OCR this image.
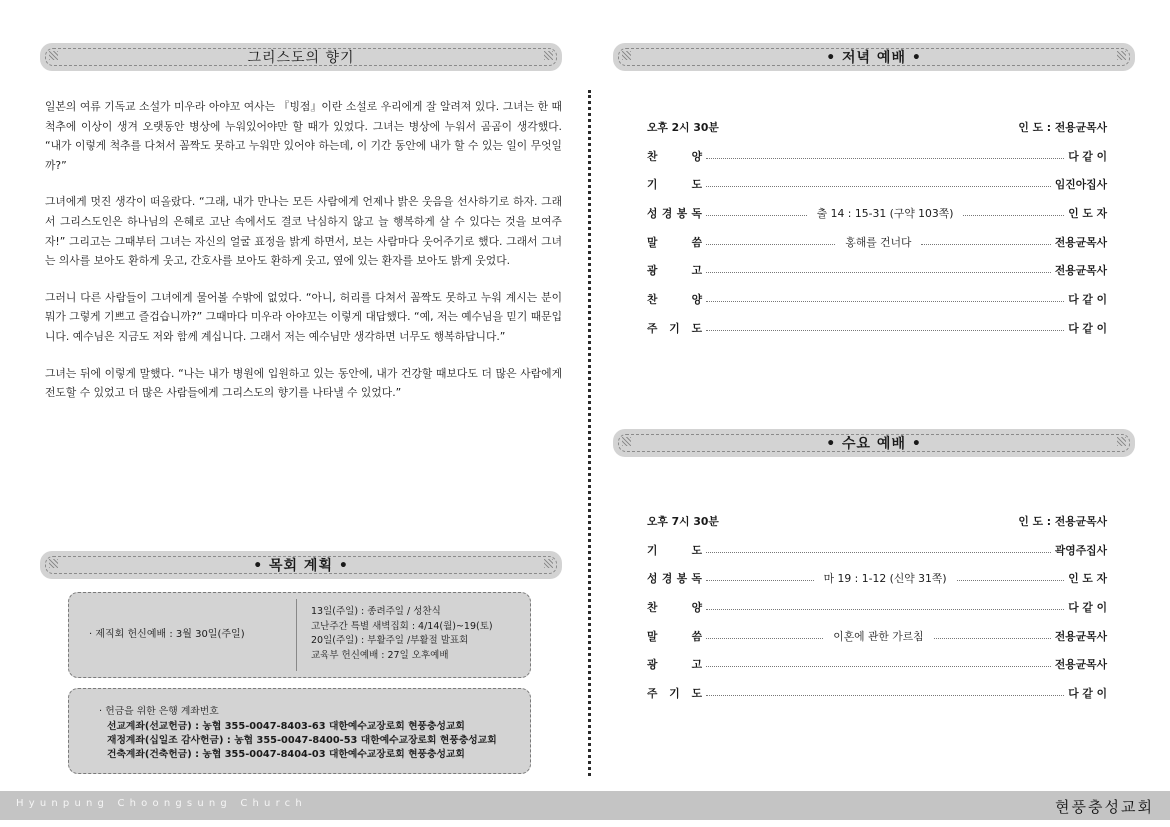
그리스도의 향기

일본의 여류 기독교 소설가 미우라 아야꼬 여사는 『빙점』이란 소설로 우리에게 잘 알려져 있다. 그녀는 한 때 척추에 이상이 생겨 오랫동안 병상에 누워있어야만 할 때가 있었다. 그녀는 병상에 누워서 곰곰이 생각했다. “내가 이렇게 척추를 다쳐서 꼼짝도 못하고 누워만 있어야 하는데, 이 기간 동안에 내가 할 수 있는 일이 무엇일까?”

그녀에게 멋진 생각이 떠올랐다. “그래, 내가 만나는 모든 사람에게 언제나 밝은 웃음을 선사하기로 하자. 그래서 그리스도인은 하나님의 은혜로 고난 속에서도 결코 낙심하지 않고 늘 행복하게 살 수 있다는 것을 보여주자!” 그리고는 그때부터 그녀는 자신의 얼굴 표정을 밝게 하면서, 보는 사람마다 웃어주기로 했다. 그래서 그녀는 의사를 보아도 환하게 웃고, 간호사를 보아도 환하게 웃고, 옆에 있는 환자를 보아도 밝게 웃었다.

그러니 다른 사람들이 그녀에게 물어볼 수밖에 없었다. “아니, 허리를 다쳐서 꼼짝도 못하고 누워 계시는 분이 뭐가 그렇게 기쁘고 즐겁습니까?” 그때마다 미우라 아야꼬는 이렇게 대답했다. “예, 저는 예수님을 믿기 때문입니다. 예수님은 지금도 저와 함께 계십니다. 그래서 저는 예수님만 생각하면 너무도 행복하답니다.”

그녀는 뒤에 이렇게 말했다. “나는 내가 병원에 입원하고 있는 동안에, 내가 건강할 때보다도 더 많은 사람에게 전도할 수 있었고 더 많은 사람들에게 그리스도의 향기를 나타낼 수 있었다.”

• 목회 계획 •
· 제직회 헌신예배 : 3월 30일(주일)
13일(주일) : 종려주일 / 성찬식
고난주간 특별 새벽집회 : 4/14(월)~19(토)
20일(주일) : 부활주일 /부활절 발표회
교육부 헌신예배 : 27일 오후예배
· 헌금을 위한 은행 계좌번호
선교계좌(선교헌금) : 농협 355-0047-8403-63 대한예수교장로회 현풍충성교회
재정계좌(십일조 감사헌금) : 농협 355-0047-8400-53 대한예수교장로회 현풍충성교회
건축계좌(건축헌금) : 농협 355-0047-8404-03 대한예수교장로회 현풍충성교회
• 저녁 예배 •
오후 2시 30분	인 도 : 전용균목사
찬	양	다 같 이
기	도	임진아집사
성 경 봉 독	출 14 : 15-31 (구약 103쪽)	인 도 자
말	씀	홍해를 건너다	전용균목사
광	고	전용균목사
찬	양	다 같 이
주 기 도	다 같 이
• 수요 예배 •
오후 7시 30분	인 도 : 전용균목사
기	도	곽영주집사
성 경 봉 독	마 19 : 1-12 (신약 31쪽)	인 도 자
찬	양	다 같 이
말	씀	이혼에 관한 가르침	전용균목사
광	고	전용균목사
주 기 도	다 같 이
Hyunpung Choongsung Church	현풍충성교회
